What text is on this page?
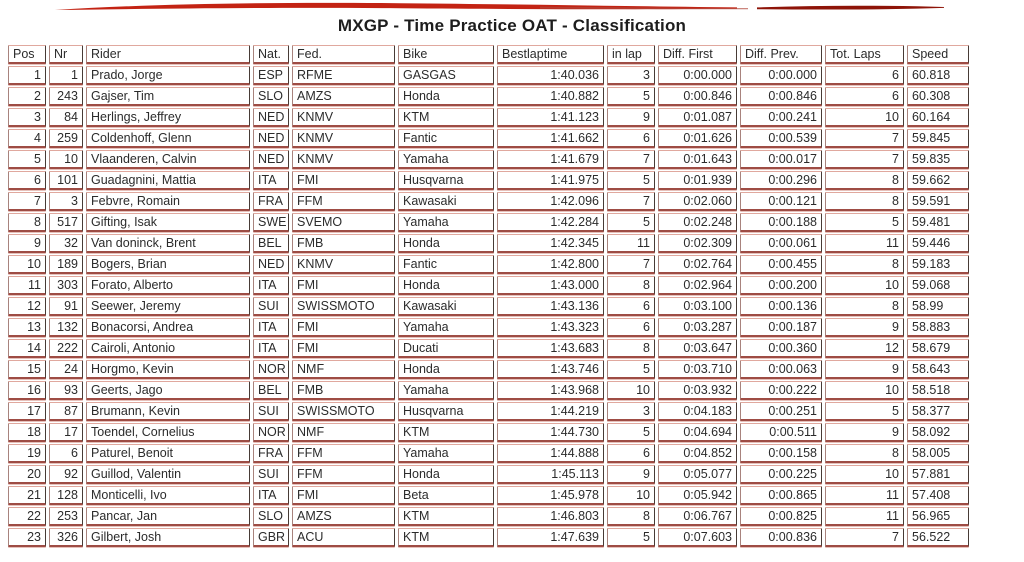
MXGP - Time Practice OAT - Classification
Pos	Nr	Rider	Nat.	Fed.	Bike	Bestlaptime	in lap	Diff. First	Diff. Prev.	Tot. Laps	Speed
1	1	Prado, Jorge	ESP	RFME	GASGAS	1:40.036	3	0:00.000	0:00.000	6	60.818
2	243	Gajser, Tim	SLO	AMZS	Honda	1:40.882	5	0:00.846	0:00.846	6	60.308
3	84	Herlings, Jeffrey	NED	KNMV	KTM	1:41.123	9	0:01.087	0:00.241	10	60.164
4	259	Coldenhoff, Glenn	NED	KNMV	Fantic	1:41.662	6	0:01.626	0:00.539	7	59.845
5	10	Vlaanderen, Calvin	NED	KNMV	Yamaha	1:41.679	7	0:01.643	0:00.017	7	59.835
6	101	Guadagnini, Mattia	ITA	FMI	Husqvarna	1:41.975	5	0:01.939	0:00.296	8	59.662
7	3	Febvre, Romain	FRA	FFM	Kawasaki	1:42.096	7	0:02.060	0:00.121	8	59.591
8	517	Gifting, Isak	SWE	SVEMO	Yamaha	1:42.284	5	0:02.248	0:00.188	5	59.481
9	32	Van doninck, Brent	BEL	FMB	Honda	1:42.345	11	0:02.309	0:00.061	11	59.446
10	189	Bogers, Brian	NED	KNMV	Fantic	1:42.800	7	0:02.764	0:00.455	8	59.183
11	303	Forato, Alberto	ITA	FMI	Honda	1:43.000	8	0:02.964	0:00.200	10	59.068
12	91	Seewer, Jeremy	SUI	SWISSMOTO	Kawasaki	1:43.136	6	0:03.100	0:00.136	8	58.99
13	132	Bonacorsi, Andrea	ITA	FMI	Yamaha	1:43.323	6	0:03.287	0:00.187	9	58.883
14	222	Cairoli, Antonio	ITA	FMI	Ducati	1:43.683	8	0:03.647	0:00.360	12	58.679
15	24	Horgmo, Kevin	NOR	NMF	Honda	1:43.746	5	0:03.710	0:00.063	9	58.643
16	93	Geerts, Jago	BEL	FMB	Yamaha	1:43.968	10	0:03.932	0:00.222	10	58.518
17	87	Brumann, Kevin	SUI	SWISSMOTO	Husqvarna	1:44.219	3	0:04.183	0:00.251	5	58.377
18	17	Toendel, Cornelius	NOR	NMF	KTM	1:44.730	5	0:04.694	0:00.511	9	58.092
19	6	Paturel, Benoit	FRA	FFM	Yamaha	1:44.888	6	0:04.852	0:00.158	8	58.005
20	92	Guillod, Valentin	SUI	FFM	Honda	1:45.113	9	0:05.077	0:00.225	10	57.881
21	128	Monticelli, Ivo	ITA	FMI	Beta	1:45.978	10	0:05.942	0:00.865	11	57.408
22	253	Pancar, Jan	SLO	AMZS	KTM	1:46.803	8	0:06.767	0:00.825	11	56.965
23	326	Gilbert, Josh	GBR	ACU	KTM	1:47.639	5	0:07.603	0:00.836	7	56.522
